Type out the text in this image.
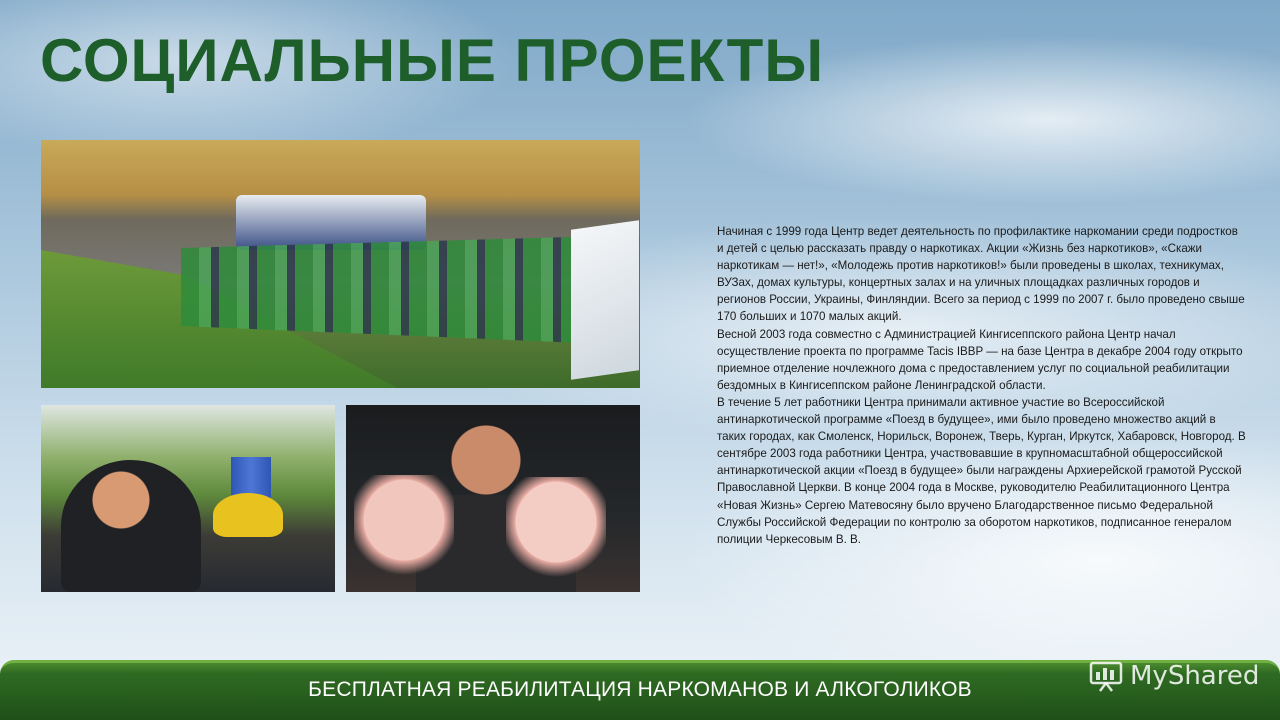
СОЦИАЛЬНЫЕ ПРОЕКТЫ

Начиная с 1999 года Центр ведет деятельность по профилактике наркомании среди подростков и детей с целью рассказать правду о наркотиках. Акции «Жизнь без наркотиков», «Скажи наркотикам — нет!», «Молодежь против наркотиков!» были проведены в школах, техникумах, ВУЗах, домах культуры, концертных залах и на уличных площадках различных городов и регионов России, Украины, Финляндии. Всего за период с 1999 по 2007 г. было проведено свыше 170 больших и 1070 малых акций.

Весной 2003 года совместно с Администрацией Кингисеппского района Центр начал осуществление проекта по программе Tacis IBBP — на базе Центра в декабре 2004 году открыто приемное отделение ночлежного дома с предоставлением услуг по социальной реабилитации бездомных в Кингисеппском районе Ленинградской области.

В течение 5 лет работники Центра принимали активное участие во Всероссийской антинаркотической программе «Поезд в будущее», ими было проведено множество акций в таких городах, как Смоленск, Норильск, Воронеж, Тверь, Курган, Иркутск, Хабаровск, Новгород. В сентябре 2003 года работники Центра, участвовавшие в крупномасштабной общероссийской антинаркотической акции «Поезд в будущее» были награждены Архиерейской грамотой Русской Православной Церкви. В конце 2004 года в Москве, руководителю Реабилитационного Центра «Новая Жизнь» Сергею Матевосяну было вручено Благодарственное письмо Федеральной Службы Российской Федерации по контролю за оборотом наркотиков, подписанное генералом полиции Черкесовым В. В.

БЕСПЛАТНАЯ РЕАБИЛИТАЦИЯ НАРКОМАНОВ И АЛКОГОЛИКОВ	MyShared
